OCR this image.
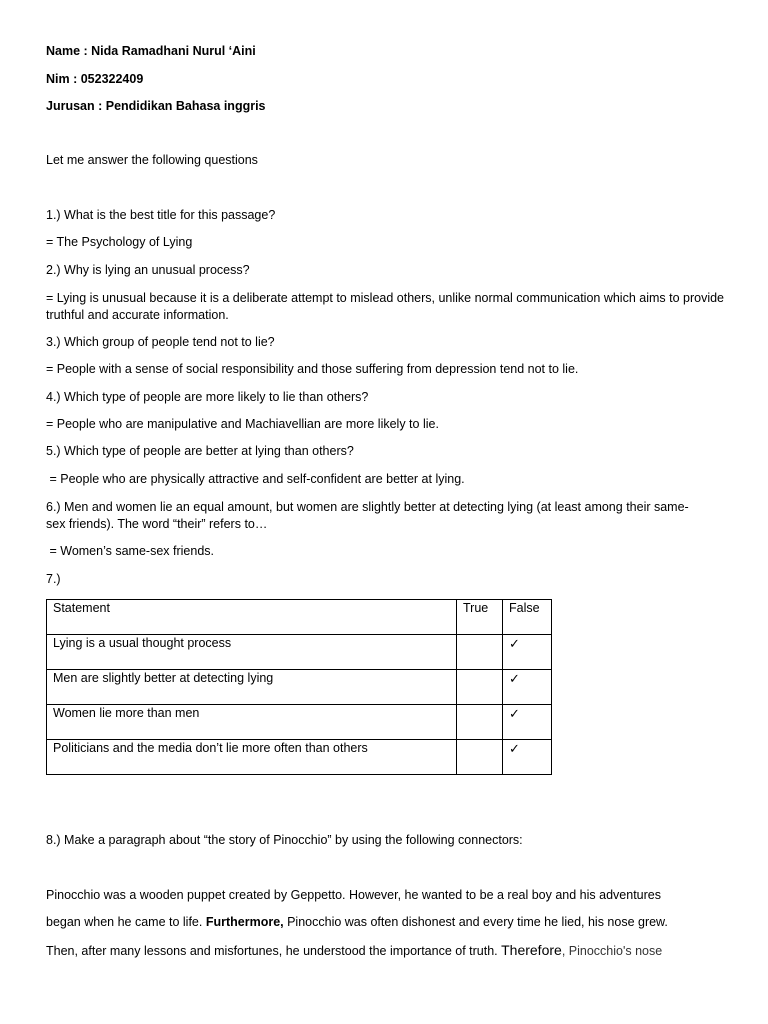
Name : Nida Ramadhani Nurul ‘Aini
Nim : 052322409
Jurusan : Pendidikan Bahasa inggris
Let me answer the following questions
1.) What is the best title for this passage?
= The Psychology of Lying
2.) Why is lying an unusual process?
= Lying is unusual because it is a deliberate attempt to mislead others, unlike normal communication which aims to provide truthful and accurate information.
3.) Which group of people tend not to lie?
= People with a sense of social responsibility and those suffering from depression tend not to lie.
4.) Which type of people are more likely to lie than others?
= People who are manipulative and Machiavellian are more likely to lie.
5.) Which type of people are better at lying than others?
= People who are physically attractive and self-confident are better at lying.
6.) Men and women lie an equal amount, but women are slightly better at detecting lying (at least among their same-sex friends). The word “their” refers to…
= Women’s same-sex friends.
7.)
Statement	True	False
Lying is a usual thought process		✓
Men are slightly better at detecting lying		✓
Women lie more than men		✓
Politicians and the media don’t lie more often than others		✓
8.) Make a paragraph about “the story of Pinocchio” by using the following connectors:
Pinocchio was a wooden puppet created by Geppetto. However, he wanted to be a real boy and his adventures
began when he came to life. Furthermore, Pinocchio was often dishonest and every time he lied, his nose grew.
Then, after many lessons and misfortunes, he understood the importance of truth. Therefore, Pinocchio's nose
